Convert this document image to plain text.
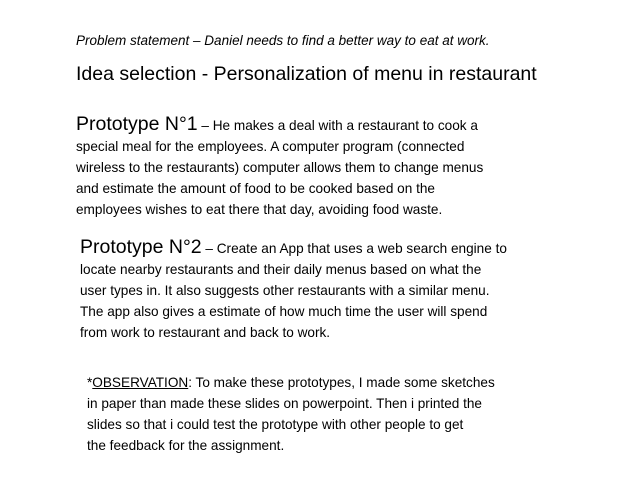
Problem statement – Daniel needs to find a better way to eat at work.
Idea selection - Personalization of menu in restaurant
Prototype N°1 – He makes a deal with a restaurant to cook a
special meal for the employees. A computer program (connected
wireless to the restaurants) computer allows them to change menus
and estimate the amount of food to be cooked based on the
employees wishes to eat there that day, avoiding food waste.
Prototype N°2 – Create an App that uses a web search engine to
locate nearby restaurants and their daily menus based on what the
user types in. It also suggests other restaurants with a similar menu.
The app also gives a estimate of how much time the user will spend
from work to restaurant and back to work.
*OBSERVATION: To make these prototypes, I made some sketches
in paper than made these slides on powerpoint. Then i printed the
slides so that i could test the prototype with other people to get
the feedback for the assignment.
